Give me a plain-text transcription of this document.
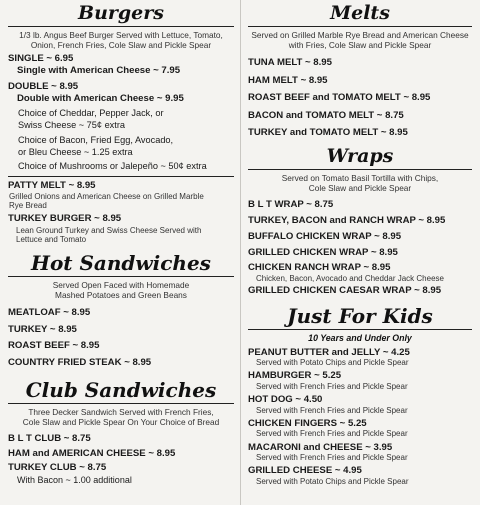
Burgers
1/3 lb. Angus Beef Burger Served with Lettuce, Tomato,
Onion, French Fries, Cole Slaw and Pickle Spear
SINGLE ~ 6.95
Single with American Cheese ~ 7.95
DOUBLE ~ 8.95
Double with American Cheese ~ 9.95
Choice of Cheddar, Pepper Jack, or
Swiss Cheese ~ 75¢ extra
Choice of Bacon, Fried Egg, Avocado,
or Bleu Cheese ~ 1.25 extra
Choice of Mushrooms or Jalepeño ~ 50¢ extra
PATTY MELT ~ 8.95
Grilled Onions and American Cheese on Grilled Marble
Rye Bread
TURKEY BURGER ~ 8.95
Lean Ground Turkey and Swiss Cheese Served with
Lettuce and Tomato
Hot Sandwiches
Served Open Faced with Homemade
Mashed Potatoes and Green Beans
MEATLOAF ~ 8.95
TURKEY ~ 8.95
ROAST BEEF ~ 8.95
COUNTRY FRIED STEAK ~ 8.95
Club Sandwiches
Three Decker Sandwich Served with French Fries,
Cole Slaw and Pickle Spear On Your Choice of Bread
B L T CLUB ~ 8.75
HAM and AMERICAN CHEESE ~ 8.95
TURKEY CLUB ~ 8.75
With Bacon ~ 1.00 additional
Melts
Served on Grilled Marble Rye Bread and American Cheese
with Fries, Cole Slaw and Pickle Spear
TUNA MELT ~ 8.95
HAM MELT ~ 8.95
ROAST BEEF and TOMATO MELT ~ 8.95
BACON and TOMATO MELT ~ 8.75
TURKEY and TOMATO MELT ~ 8.95
Wraps
Served on Tomato Basil Tortilla with Chips,
Cole Slaw and Pickle Spear
B L T WRAP ~ 8.75
TURKEY, BACON and RANCH WRAP ~ 8.95
BUFFALO CHICKEN WRAP ~ 8.95
GRILLED CHICKEN WRAP ~ 8.95
CHICKEN RANCH WRAP ~ 8.95
Chicken, Bacon, Avocado and Cheddar Jack Cheese
GRILLED CHICKEN CAESAR WRAP ~ 8.95
Just For Kids
10 Years and Under Only
PEANUT BUTTER and JELLY ~ 4.25
Served with Potato Chips and Pickle Spear
HAMBURGER ~ 5.25
Served with French Fries and Pickle Spear
HOT DOG ~ 4.50
Served with French Fries and Pickle Spear
CHICKEN FINGERS ~ 5.25
Served with French Fries and Pickle Spear
MACARONI and CHEESE ~ 3.95
Served with French Fries and Pickle Spear
GRILLED CHEESE ~ 4.95
Served with Potato Chips and Pickle Spear
